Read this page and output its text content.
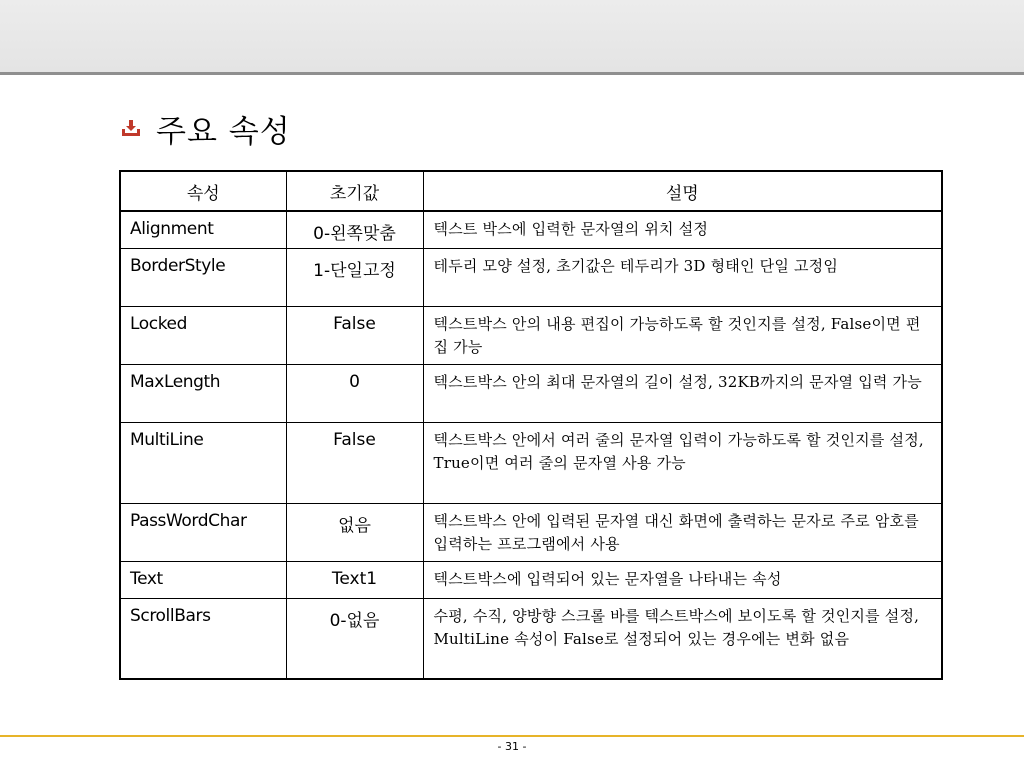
주요 속성
속성	초기값	설명
Alignment	0-왼쪽맞춤	텍스트 박스에 입력한 문자열의 위치 설정
BorderStyle	1-단일고정	테두리 모양 설정, 초기값은 테두리가 3D 형태인 단일 고정임
Locked	False	텍스트박스 안의 내용 편집이 가능하도록 할 것인지를 설정, False이면 편집 가능
MaxLength	0	텍스트박스 안의 최대 문자열의 길이 설정, 32KB까지의 문자열 입력 가능
MultiLine	False	텍스트박스 안에서 여러 줄의 문자열 입력이 가능하도록 할 것인지를 설정, True이면 여러 줄의 문자열 사용 가능
PassWordChar	없음	텍스트박스 안에 입력된 문자열 대신 화면에 출력하는 문자로 주로 암호를 입력하는 프로그램에서 사용
Text	Text1	텍스트박스에 입력되어 있는 문자열을 나타내는 속성
ScrollBars	0-없음	수평, 수직, 양방향 스크롤 바를 텍스트박스에 보이도록 할 것인지를 설정, MultiLine 속성이 False로 설정되어 있는 경우에는 변화 없음
- 31 -
